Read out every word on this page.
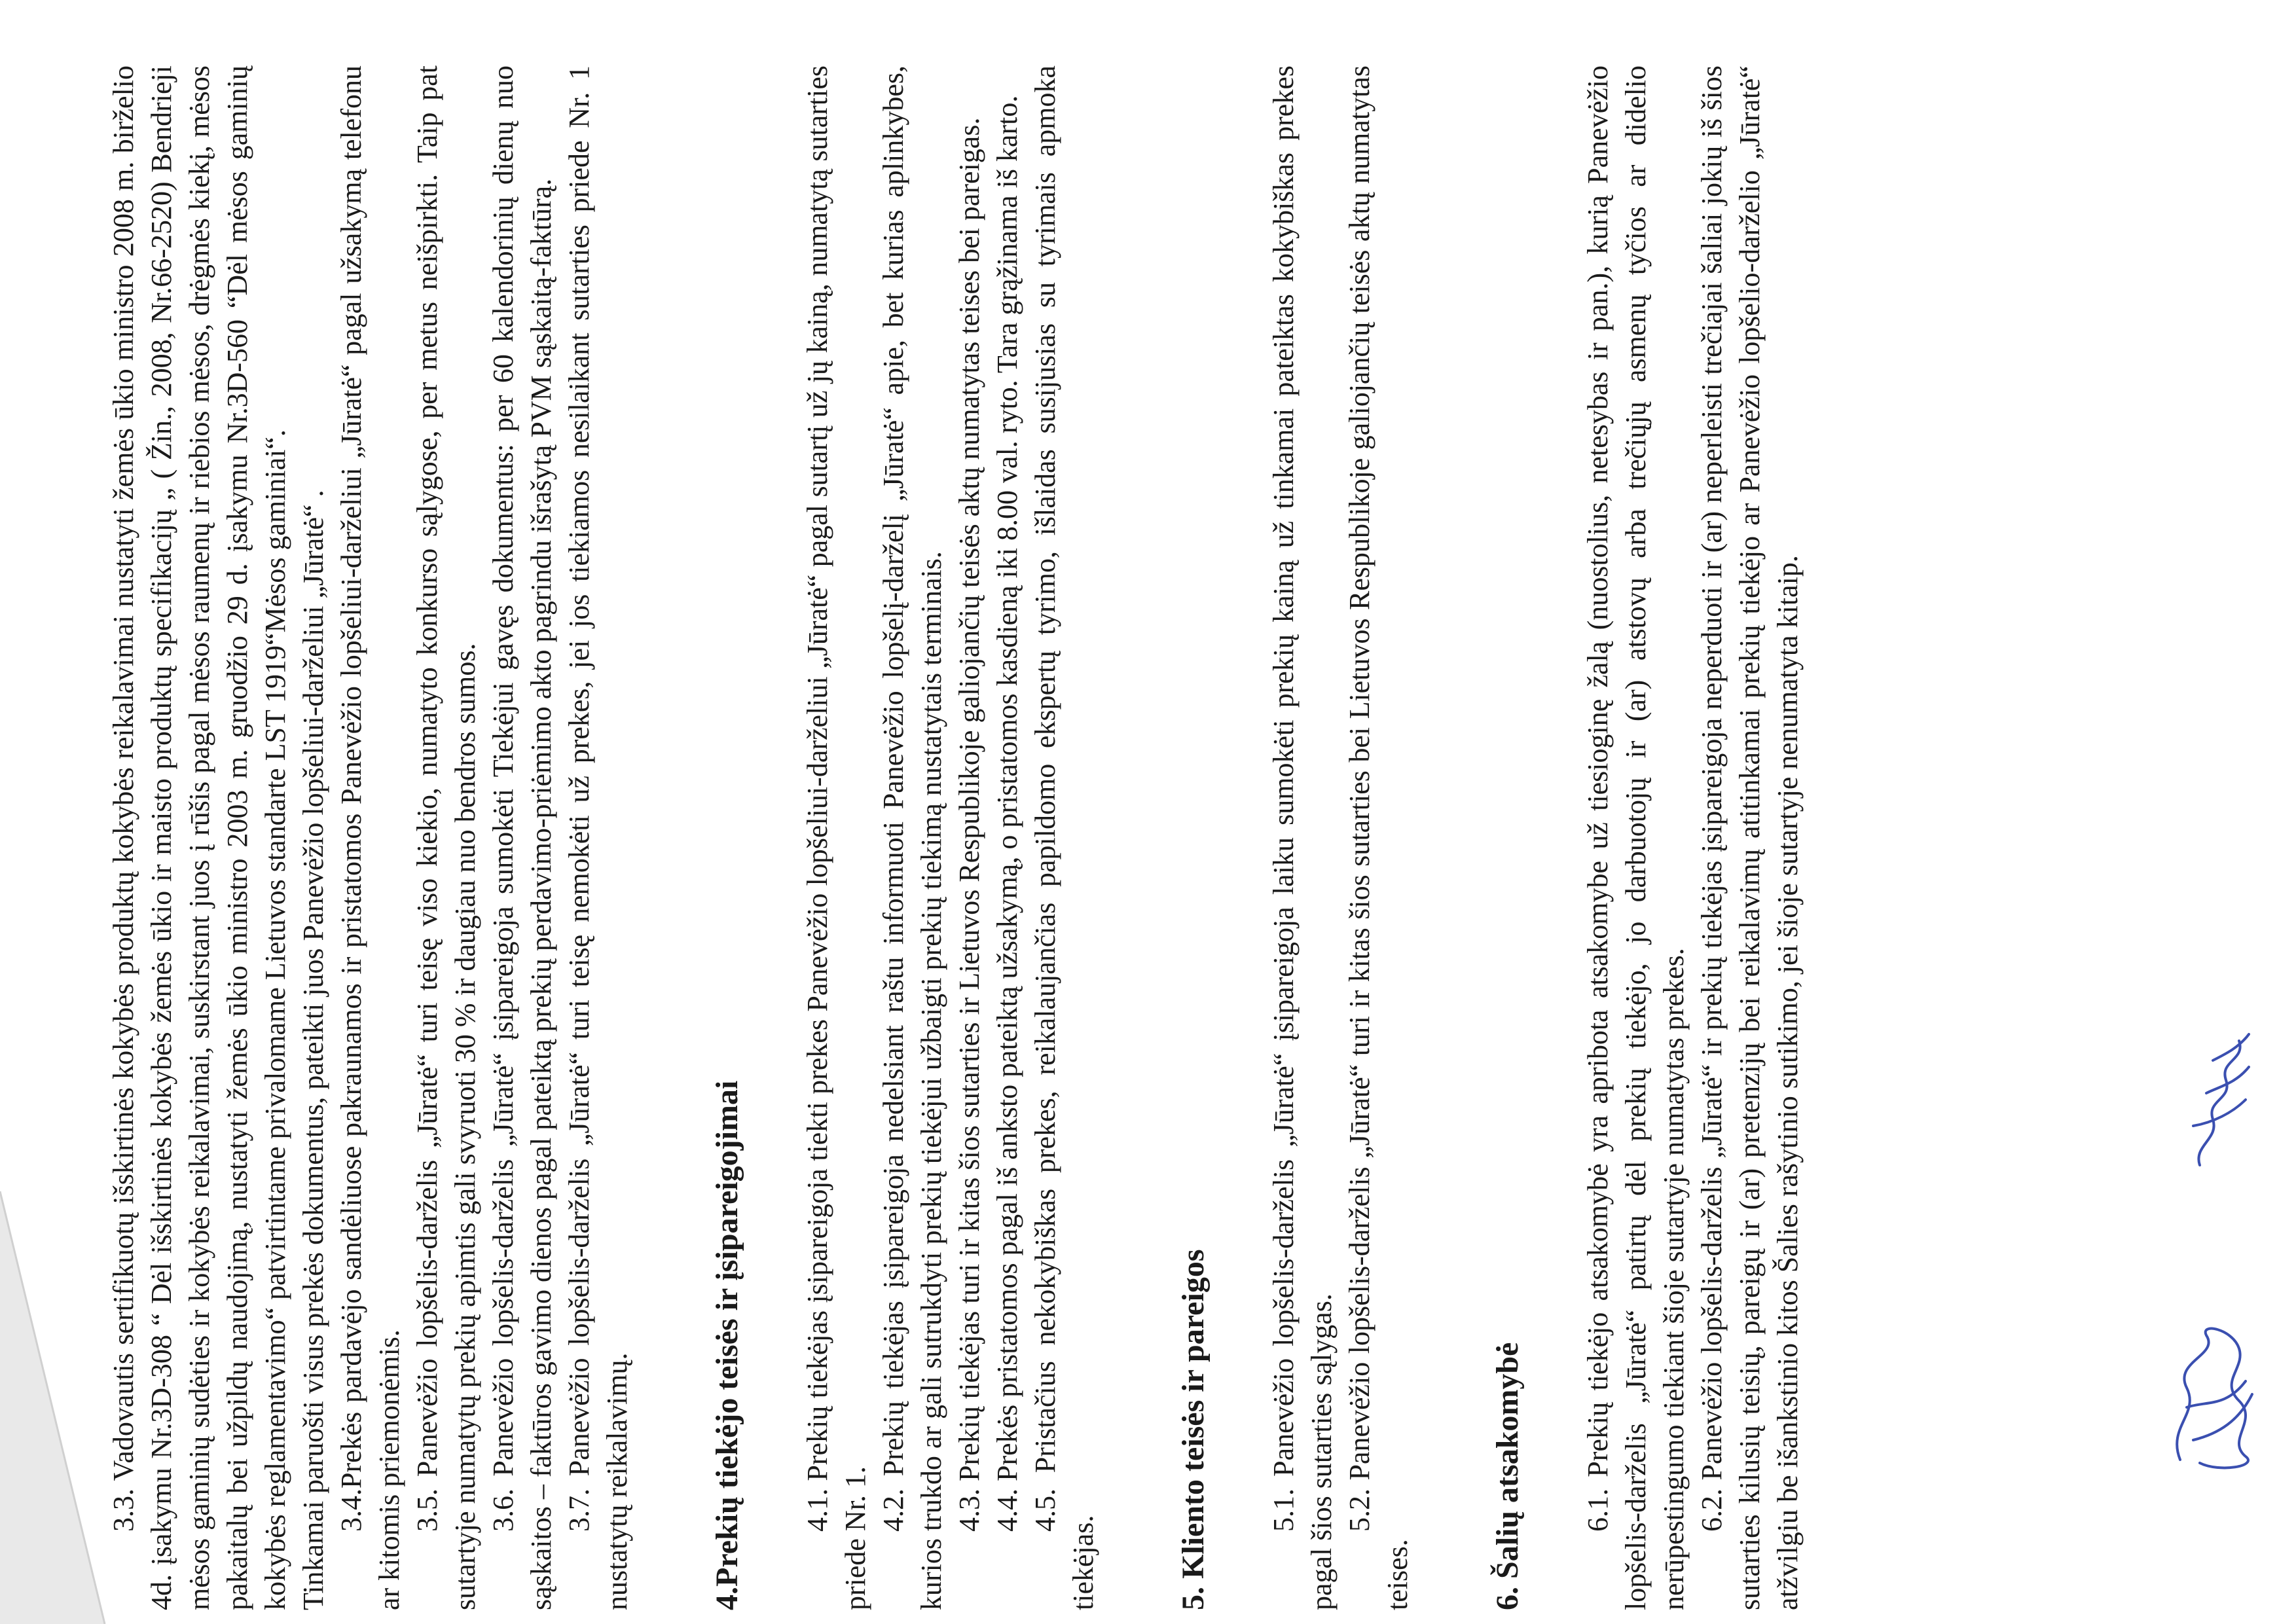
3.3. Vadovautis sertifikuotų išskirtinės kokybės produktų kokybės reikalavimai nustatyti žemės ūkio ministro 2008 m. birželio 4d. įsakymu Nr.3D-308 “ Dėl išskirtinės kokybės žemės ūkio ir maisto produktų specifikacijų „ ( Žin., 2008, Nr.66-2520) Bendrieji mėsos gaminių sudėties ir kokybės reikalavimai, suskirstant juos į rūšis pagal mėsos raumenų ir riebios mėsos, drėgmės kiekį, mėsos pakaitalų bei užpildų naudojimą, nustatyti žemės ūkio ministro 2003 m. gruodžio 29 d. įsakymu Nr.3D-560 “Dėl mėsos gaminių kokybės reglamentavimo“ patvirtintame privalomame Lietuvos standarte LST 1919“Mėsos gaminiai“. Tinkamai paruošti visus prekės dokumentus, pateikti juos Panevėžio lopšeliui-darželiui „Jūratė“ . 3.4.Prekės pardavėjo sandėliuose pakraunamos ir pristatomos Panevėžio lopšeliui-darželiui „Jūratė“ pagal užsakymą telefonu ar kitomis priemonėmis. 3.5. Panevėžio lopšelis-darželis „Jūratė“ turi teisę viso kiekio, numatyto konkurso sąlygose, per metus neišpirkti. Taip pat sutartyje numatytų prekių apimtis gali svyruoti 30 % ir daugiau nuo bendros sumos. 3.6. Panevėžio lopšelis-darželis „Jūratė“ įsipareigoja sumokėti Tiekėjui gavęs dokumentus: per 60 kalendorinių dienų nuo sąskaitos – faktūros gavimo dienos pagal pateiktą prekių perdavimo-priėmimo akto pagrindu išrašytą PVM sąskaitą-faktūrą. 3.7. Panevėžio lopšelis-darželis „Jūratė“ turi teisę nemokėti už prekes, jei jos tiekiamos nesilaikant sutarties priede Nr. 1 nustatytų reikalavimų. 4.Prekių tiekėjo teisės ir įsipareigojimai 4.1. Prekių tiekėjas įsipareigoja tiekti prekes Panevėžio lopšeliui-darželiui „Jūratė“ pagal sutartį už jų kainą, numatytą sutarties priede Nr. 1.

4.2. Prekių tiekėjas įsipareigoja nedelsiant raštu informuoti Panevėžio lopšelį-darželį „Jūratė“ apie, bet kurias aplinkybes, kurios trukdo ar gali sutrukdyti prekių tiekėjui užbaigti prekių tiekimą nustatytais terminais. 4.3. Prekių tiekėjas turi ir kitas šios sutarties ir Lietuvos Respublikoje galiojančių teisės aktų numatytas teises bei pareigas. 4.4. Prekės pristatomos pagal iš anksto pateiktą užsakymą, o pristatomos kasdieną iki 8.00 val. ryto. Tara grąžinama iš karto. 4.5. Pristačius nekokybiškas prekes, reikalaujančias papildomo ekspertų tyrimo, išlaidas susijusias su tyrimais apmoka tiekėjas. 5. Kliento teisės ir pareigos 5.1. Panevėžio lopšelis-darželis „Jūratė“ įsipareigoja laiku sumokėti prekių kainą už tinkamai pateiktas kokybiškas prekes pagal šios sutarties sąlygas. 5.2. Panevėžio lopšelis-darželis „Jūratė“ turi ir kitas šios sutarties bei Lietuvos Respublikoje galiojančių teisės aktų numatytas teises. 6. Šalių atsakomybė 6.1. Prekių tiekėjo atsakomybė yra apribota atsakomybe už tiesioginę žalą (nuostolius, netesybas ir pan.), kurią Panevėžio lopšelis-darželis „Jūratė“ patirtų dėl prekių tiekėjo, jo darbuotojų ir (ar) atstovų arba trečiųjų asmenų tyčios ar didelio nerūpestingumo tiekiant šioje sutartyje numatytas prekes. 6.2. Panevėžio lopšelis-darželis „Jūratė“ ir prekių tiekėjas įsipareigoja neperduoti ir (ar) neperleisti trečiajai šaliai jokių iš šios sutarties kilusių teisių, pareigų ir (ar) pretenzijų bei reikalavimų atitinkamai prekių tiekėjo ar Panevėžio lopšelio-darželio „Jūratė“ atžvilgiu be išankstinio kitos Šalies rašytinio sutikimo, jei šioje sutartyje nenumatyta kitaip.
